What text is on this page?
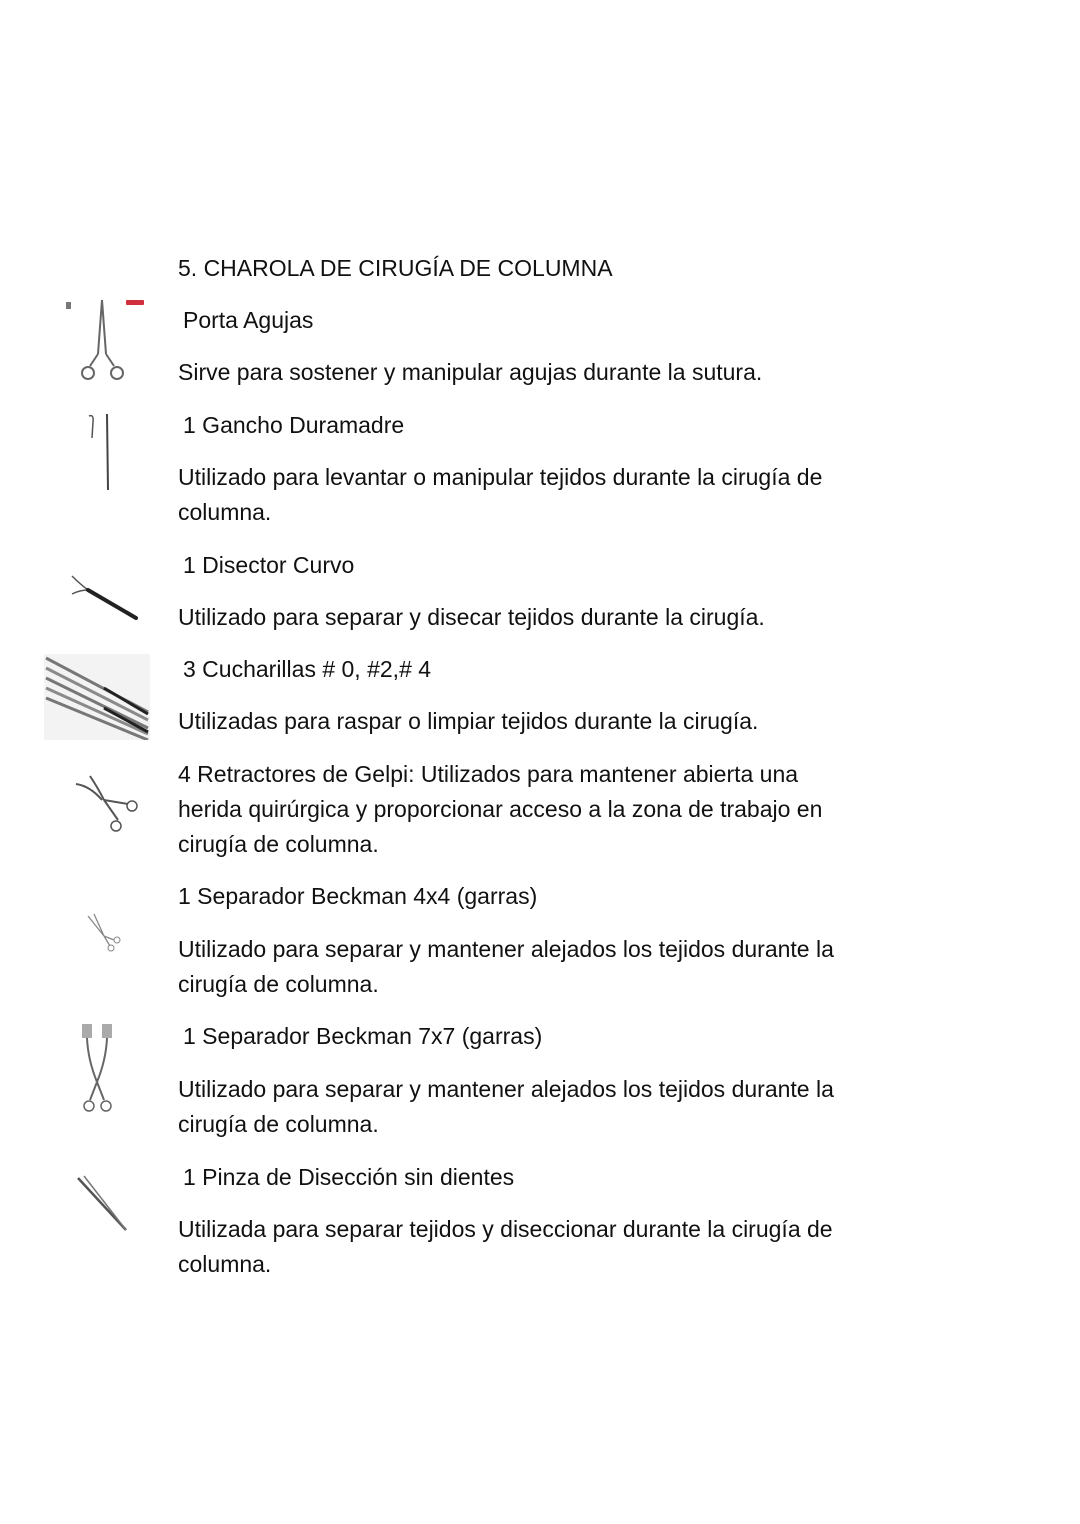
5. CHAROLA DE CIRUGÍA DE COLUMNA
Porta Agujas
Sirve para sostener y manipular agujas durante la sutura.
1 Gancho Duramadre
Utilizado para levantar o manipular tejidos durante la cirugía de
columna.
1 Disector Curvo
Utilizado para separar y disecar tejidos durante la cirugía.
3 Cucharillas # 0, #2,# 4
Utilizadas para raspar o limpiar tejidos durante la cirugía.
4 Retractores de Gelpi: Utilizados para mantener abierta una
herida quirúrgica y proporcionar acceso a la zona de trabajo en
cirugía de columna.
1 Separador Beckman 4x4 (garras)
Utilizado para separar y mantener alejados los tejidos durante la
cirugía de columna.
1 Separador Beckman 7x7 (garras)
Utilizado para separar y mantener alejados los tejidos durante la
cirugía de columna.
1 Pinza de Disección sin dientes
Utilizada para separar tejidos y diseccionar durante la cirugía de
columna.
